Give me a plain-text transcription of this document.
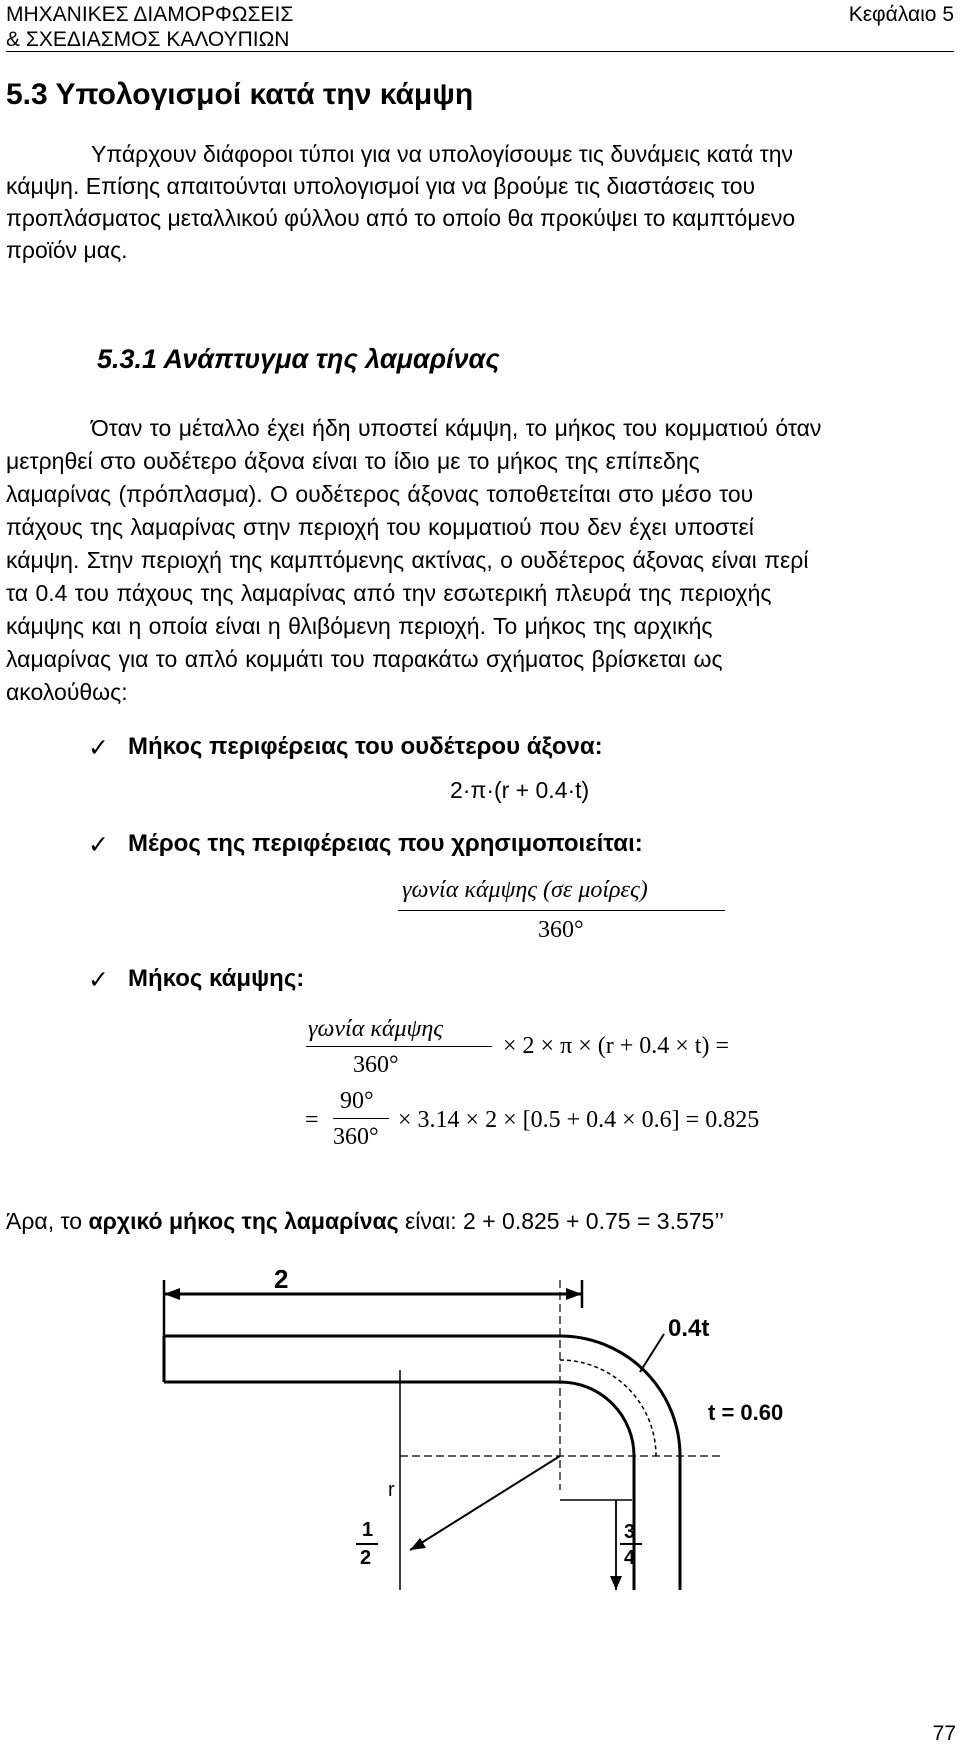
ΜΗΧΑΝΙΚΕΣ ΔΙΑΜΟΡΦΩΣΕΙΣ
& ΣΧΕΔΙΑΣΜΟΣ ΚΑΛΟΥΠΙΩΝ
Κεφάλαιο 5
5.3 Υπολογισμοί κατά την κάμψη
Υπάρχουν διάφοροι τύποι για να υπολογίσουμε τις δυνάμεις κατά την
κάμψη. Επίσης απαιτούνται υπολογισμοί για να βρούμε τις διαστάσεις του
προπλάσματος μεταλλικού φύλλου από το οποίο θα προκύψει το καμπτόμενο
προϊόν μας.
5.3.1 Ανάπτυγμα της λαμαρίνας
Όταν το μέταλλο έχει ήδη υποστεί κάμψη, το μήκος του κομματιού όταν
μετρηθεί στο ουδέτερο άξονα είναι το ίδιο με το μήκος της επίπεδης
λαμαρίνας (πρόπλασμα). Ο ουδέτερος άξονας τοποθετείται στο μέσο του
πάχους της λαμαρίνας στην περιοχή του κομματιού που δεν έχει υποστεί
κάμψη. Στην περιοχή της καμπτόμενης ακτίνας, ο ουδέτερος άξονας είναι περί
τα 0.4 του πάχους της λαμαρίνας από την εσωτερική πλευρά της περιοχής
κάμψης και η οποία είναι η θλιβόμενη περιοχή. Το μήκος της αρχικής
λαμαρίνας για το απλό κομμάτι του παρακάτω σχήματος βρίσκεται ως
ακολούθως:
✓ Μήκος περιφέρειας του ουδέτερου άξονα:
2·π·(r + 0.4·t)
✓ Μέρος της περιφέρειας που χρησιμοποιείται:
γωνία κάμψης (σε μοίρες)
360°
✓ Μήκος κάμψης:
γωνία κάμψης
360°
× 2 × π × (r + 0.4 × t) =
=
90°
360°
× 3.14 × 2 × [0.5 + 0.4 × 0.6] = 0.825
Άρα, το αρχικό μήκος της λαμαρίνας είναι: 2 + 0.825 + 0.75 = 3.575’’
2
0.4t
t = 0.60
r
1
2
3
4
77
